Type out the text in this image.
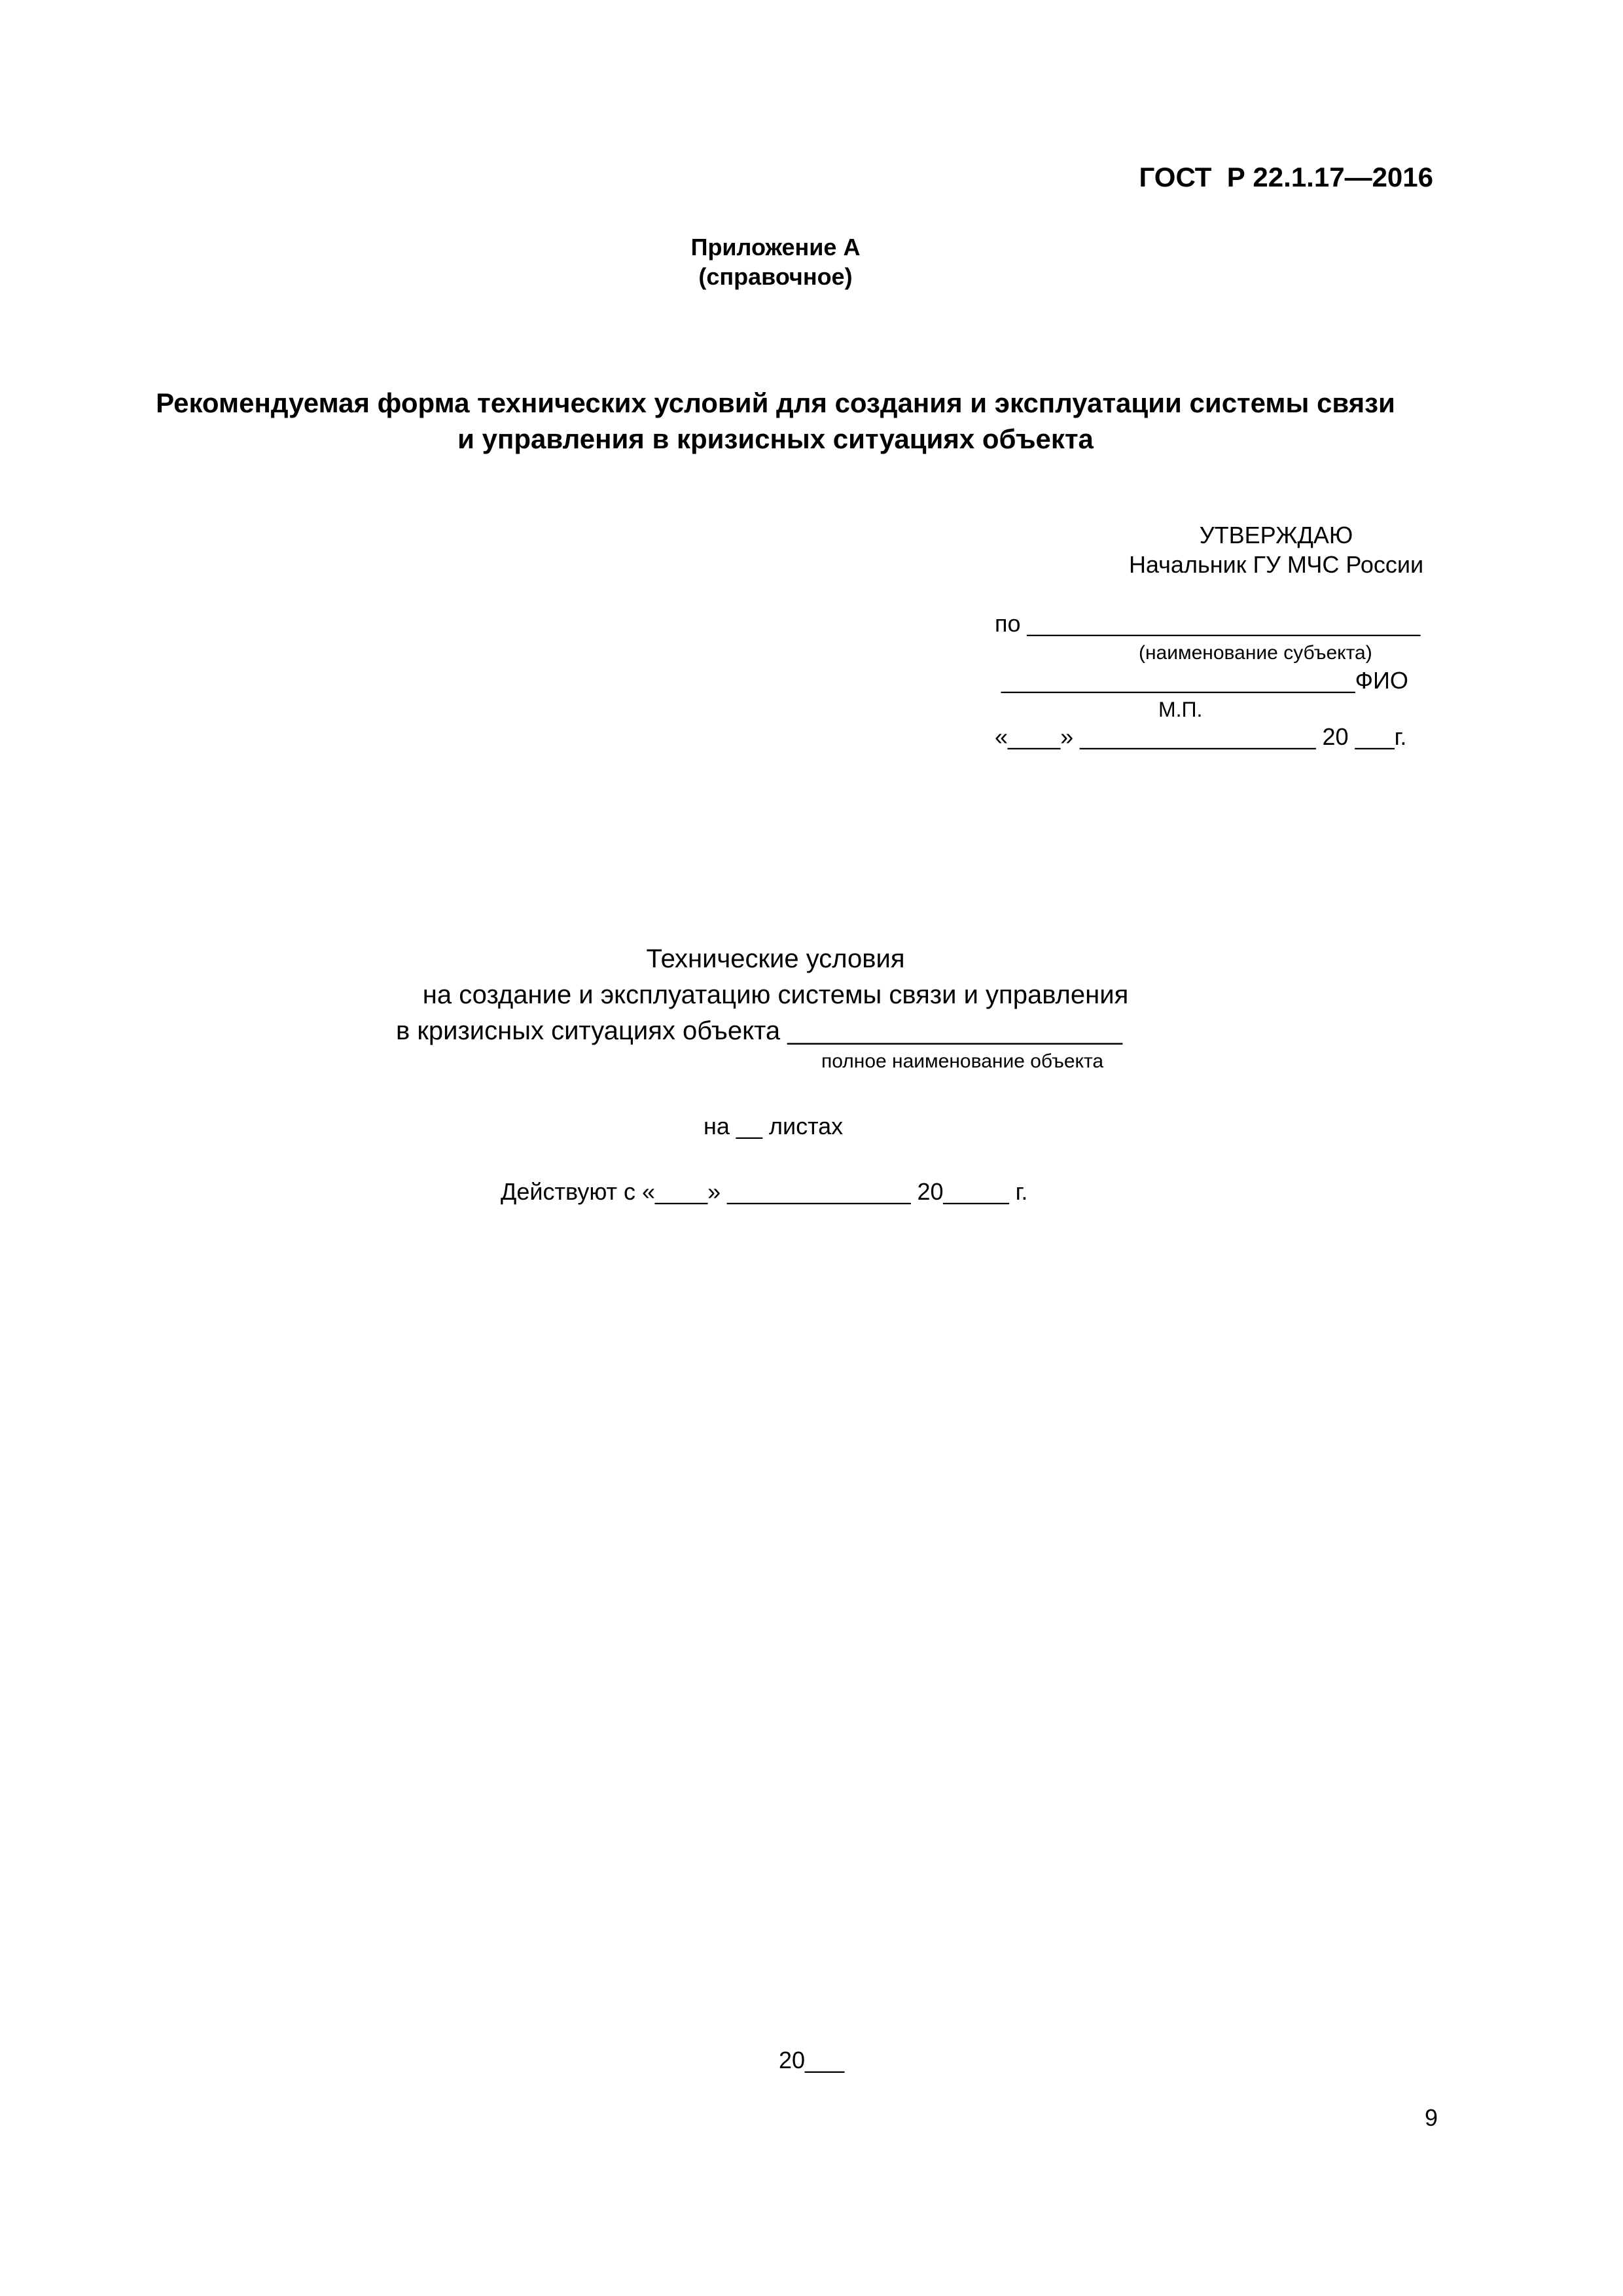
ГОСТ  Р 22.1.17—2016
Приложение А
(справочное)
Рекомендуемая форма технических условий для создания и эксплуатации системы связи
и управления в кризисных ситуациях объекта
УТВЕРЖДАЮ
Начальник ГУ МЧС России
по ______________________________
(наименование субъекта)
___________________________ФИО
М.П.
«____» __________________ 20 ___г.
Технические условия
на создание и эксплуатацию системы связи и управления
в кризисных ситуациях объекта _______________________
полное наименование объекта
на __ листах
Действуют с «____» ______________ 20_____ г.
20___
9
